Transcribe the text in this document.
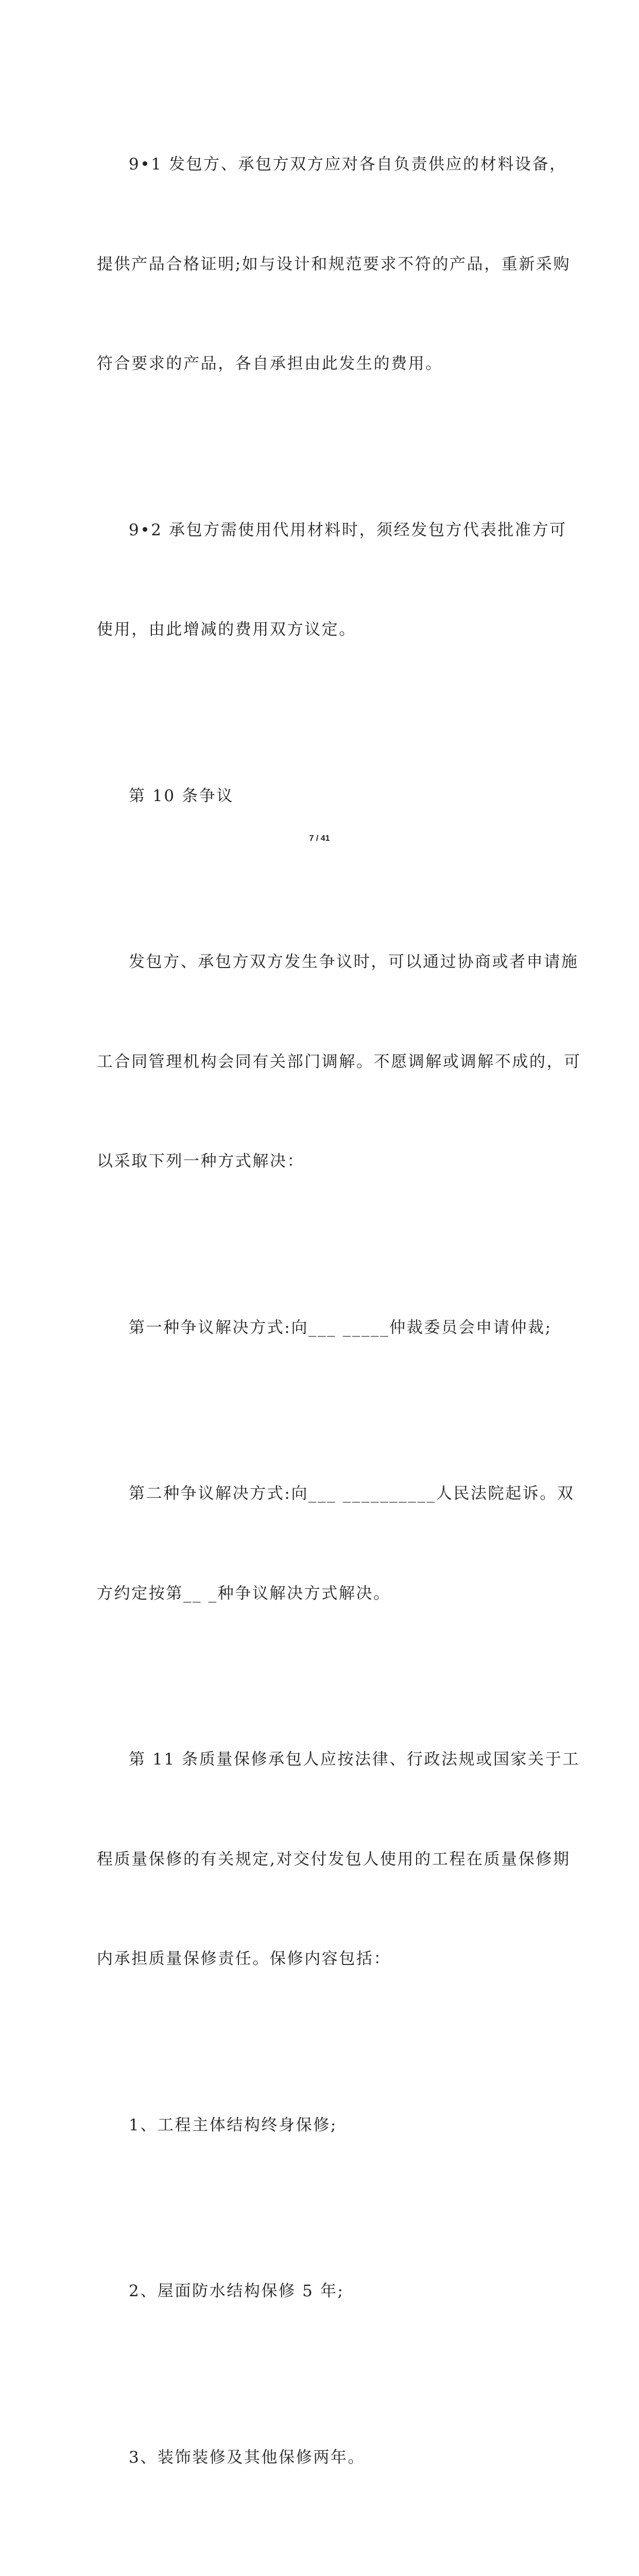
9•1 发包方、承包方双方应对各自负责供应的材料设备，

提供产品合格证明;如与设计和规范要求不符的产品，重新采购

符合要求的产品，各自承担由此发生的费用。

9•2 承包方需使用代用材料时，须经发包方代表批准方可

使用，由此增减的费用双方议定。

第 10 条争议

发包方、承包方双方发生争议时，可以通过协商或者申请施

工合同管理机构会同有关部门调解。不愿调解或调解不成的，可

以采取下列一种方式解决：

第一种争议解决方式:向___ _____仲裁委员会申请仲裁;

第二种争议解决方式:向___ __________人民法院起诉。双

方约定按第__ _种争议解决方式解决。

第 11 条质量保修承包人应按法律、行政法规或国家关于工

程质量保修的有关规定,对交付发包人使用的工程在质量保修期

内承担质量保修责任。保修内容包括：

1、工程主体结构终身保修;

2、屋面防水结构保修 5 年;

3、装饰装修及其他保修两年。

7 / 41
